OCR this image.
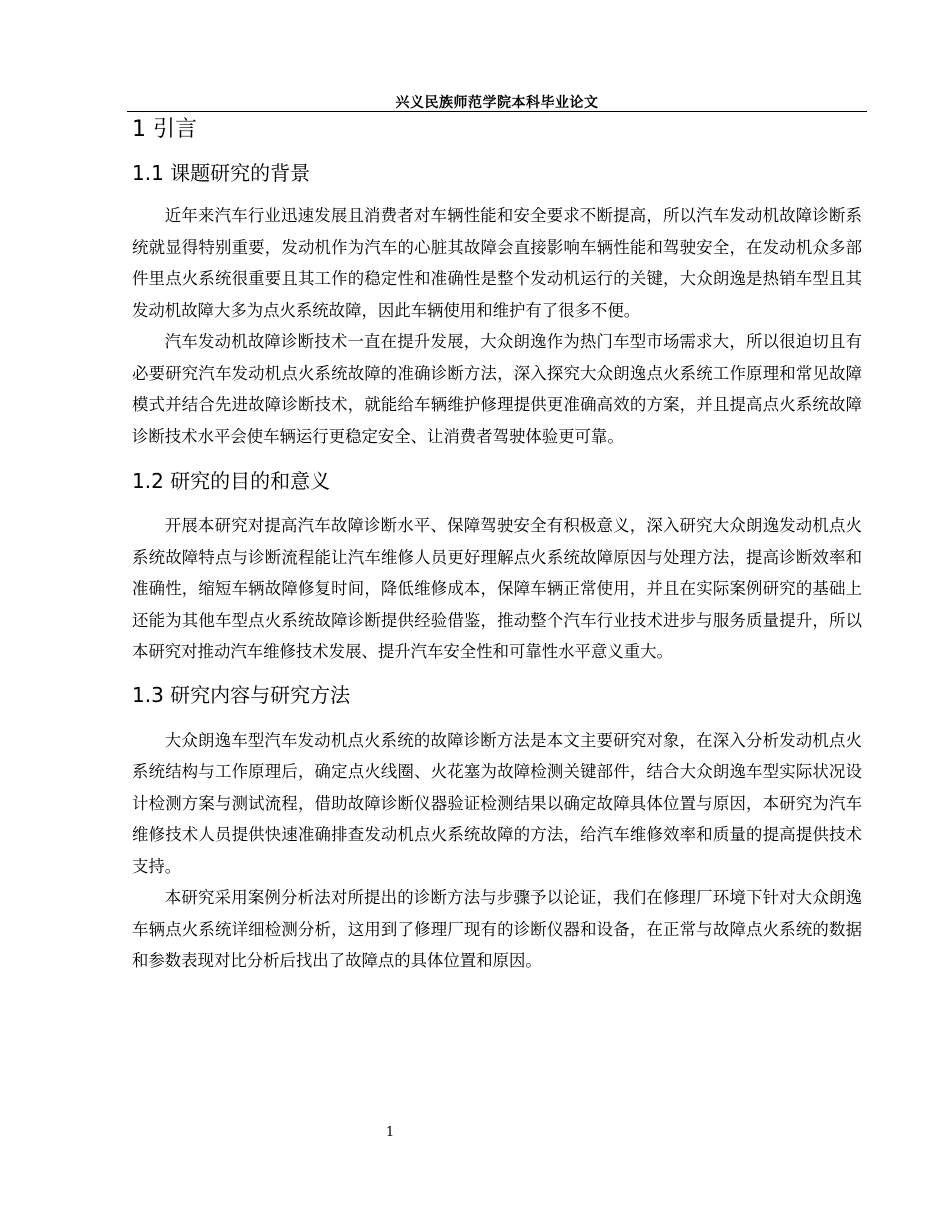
兴义民族师范学院本科毕业论文
1 引言
1.1 课题研究的背景

近年来汽车行业迅速发展且消费者对车辆性能和安全要求不断提高，所以汽车发动机故障诊断系统就显得特别重要，发动机作为汽车的心脏其故障会直接影响车辆性能和驾驶安全，在发动机众多部件里点火系统很重要且其工作的稳定性和准确性是整个发动机运行的关键，大众朗逸是热销车型且其发动机故障大多为点火系统故障，因此车辆使用和维护有了很多不便。

汽车发动机故障诊断技术一直在提升发展，大众朗逸作为热门车型市场需求大，所以很迫切且有必要研究汽车发动机点火系统故障的准确诊断方法，深入探究大众朗逸点火系统工作原理和常见故障模式并结合先进故障诊断技术，就能给车辆维护修理提供更准确高效的方案，并且提高点火系统故障诊断技术水平会使车辆运行更稳定安全、让消费者驾驶体验更可靠。

1.2 研究的目的和意义

开展本研究对提高汽车故障诊断水平、保障驾驶安全有积极意义，深入研究大众朗逸发动机点火系统故障特点与诊断流程能让汽车维修人员更好理解点火系统故障原因与处理方法，提高诊断效率和准确性，缩短车辆故障修复时间，降低维修成本，保障车辆正常使用，并且在实际案例研究的基础上还能为其他车型点火系统故障诊断提供经验借鉴，推动整个汽车行业技术进步与服务质量提升，所以本研究对推动汽车维修技术发展、提升汽车安全性和可靠性水平意义重大。

1.3 研究内容与研究方法

大众朗逸车型汽车发动机点火系统的故障诊断方法是本文主要研究对象，在深入分析发动机点火系统结构与工作原理后，确定点火线圈、火花塞为故障检测关键部件，结合大众朗逸车型实际状况设计检测方案与测试流程，借助故障诊断仪器验证检测结果以确定故障具体位置与原因，本研究为汽车维修技术人员提供快速准确排查发动机点火系统故障的方法，给汽车维修效率和质量的提高提供技术支持。

本研究采用案例分析法对所提出的诊断方法与步骤予以论证，我们在修理厂环境下针对大众朗逸车辆点火系统详细检测分析，这用到了修理厂现有的诊断仪器和设备，在正常与故障点火系统的数据和参数表现对比分析后找出了故障点的具体位置和原因。

1
